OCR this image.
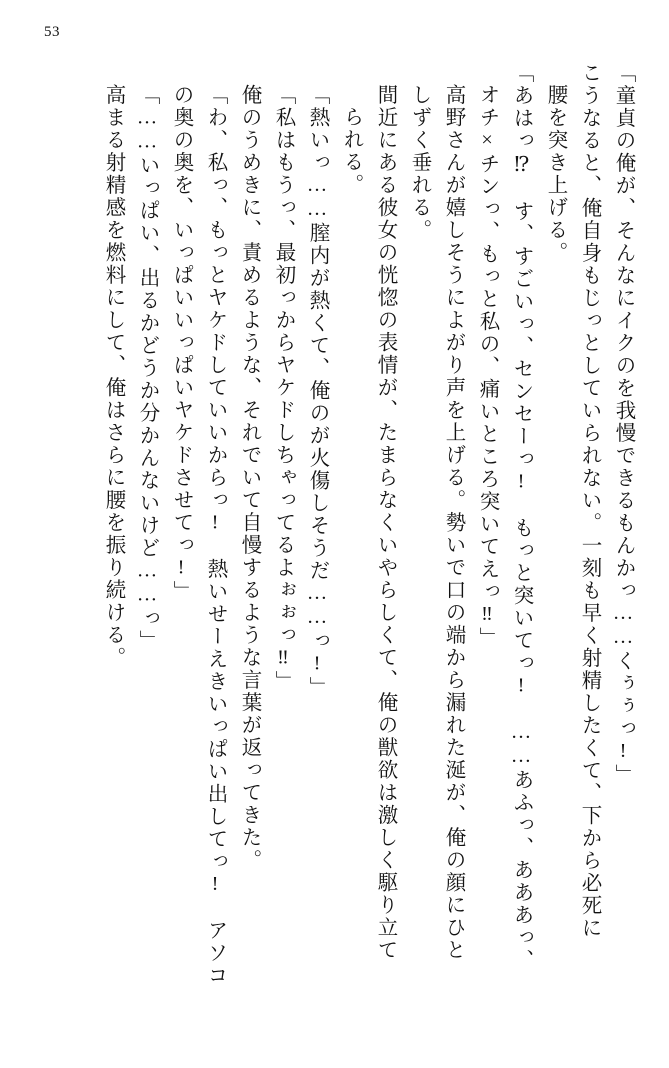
53
「童貞の俺が、そんなにイクのを我慢できるもんかっ……くぅぅっ!」
こうなると、俺自身もじっとしていられない。一刻も早く射精したくて、下から必死に
腰を突き上げる。
「あはっ⁉　す、すごいっ、センセーっ!　もっと突いてっ!　……あふっ、あああっ、
オチ×チンっ、もっと私の、痛いところ突いてえっ‼」
高野さんが嬉しそうによがり声を上げる。勢いで口の端から漏れた涎が、俺の顔にひと
しずく垂れる。
間近にある彼女の恍惚の表情が、たまらなくいやらしくて、俺の獣欲は激しく駆り立て
られる。
「熱いっ……膣内が熱くて、俺のが火傷しそうだ……っ!」
「私はもうっ、最初っからヤケドしちゃってるよぉぉっ‼」
俺のうめきに、責めるような、それでいて自慢するような言葉が返ってきた。
「わ、私っ、もっとヤケドしていいからっ!　熱いせーえきいっぱい出してっ!　アソコ
の奥の奥を、いっぱいいっぱいヤケドさせてっ!」
「……いっぱい、出るかどうか分かんないけど……っ」
高まる射精感を燃料にして、俺はさらに腰を振り続ける。
